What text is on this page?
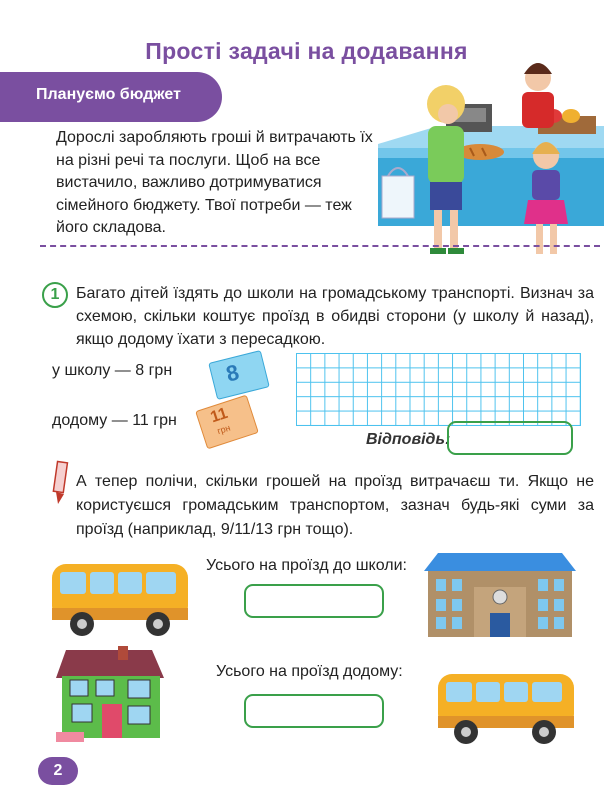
Прості задачі на додавання
Плануємо бюджет
Дорослі заробляють гроші й витрачають їх на різні речі та послуги. Щоб на все вистачило, важливо дотримуватися сімейного бюджету. Твої потреби — теж його складова.
1	Багато дітей їздять до школи на громадському транспорті. Визнач за схемою, скільки коштує проїзд в обидві сторони (у школу й назад), якщо додому їхати з пересадкою.
у школу — 8 грн
додому — 11 грн
8
11
грн
Відповідь:
А тепер полічи, скільки грошей на проїзд витрачаєш ти. Якщо не користуєшся громадським транспортом, зазнач будь-які суми за проїзд (наприклад, 9/11/13 грн тощо).
Усього на проїзд до школи:
Усього на проїзд додому:
2
